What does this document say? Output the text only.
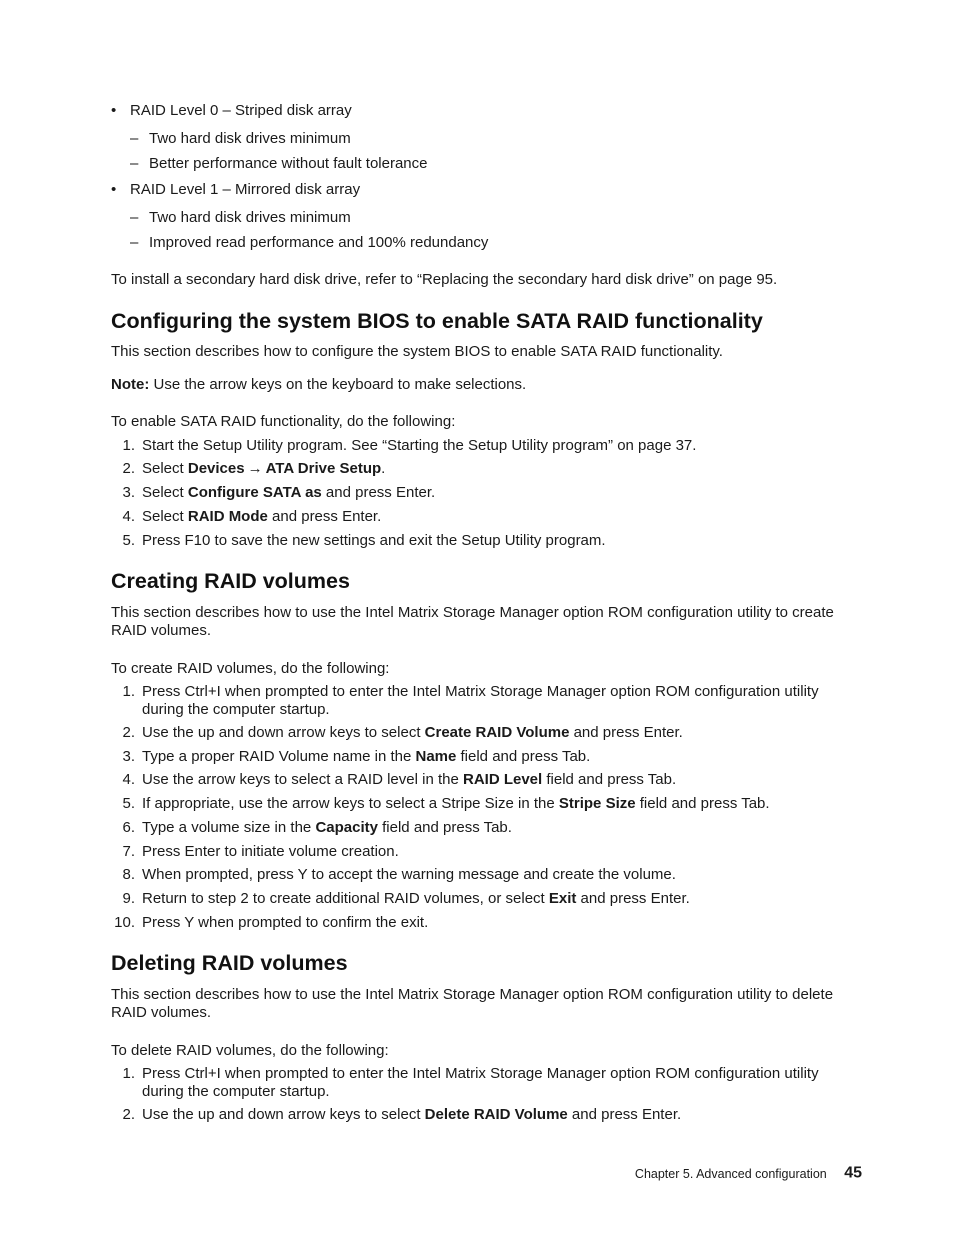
• RAID Level 0 – Striped disk array
– Two hard disk drives minimum
– Better performance without fault tolerance
• RAID Level 1 – Mirrored disk array
– Two hard disk drives minimum
– Improved read performance and 100% redundancy
To install a secondary hard disk drive, refer to “Replacing the secondary hard disk drive” on page 95.
Configuring the system BIOS to enable SATA RAID functionality
This section describes how to configure the system BIOS to enable SATA RAID functionality.
Note: Use the arrow keys on the keyboard to make selections.
To enable SATA RAID functionality, do the following:
1. Start the Setup Utility program. See “Starting the Setup Utility program” on page 37.
2. Select Devices → ATA Drive Setup.
3. Select Configure SATA as and press Enter.
4. Select RAID Mode and press Enter.
5. Press F10 to save the new settings and exit the Setup Utility program.
Creating RAID volumes
This section describes how to use the Intel Matrix Storage Manager option ROM configuration utility to create RAID volumes.
To create RAID volumes, do the following:
1. Press Ctrl+I when prompted to enter the Intel Matrix Storage Manager option ROM configuration utility during the computer startup.
2. Use the up and down arrow keys to select Create RAID Volume and press Enter.
3. Type a proper RAID Volume name in the Name field and press Tab.
4. Use the arrow keys to select a RAID level in the RAID Level field and press Tab.
5. If appropriate, use the arrow keys to select a Stripe Size in the Stripe Size field and press Tab.
6. Type a volume size in the Capacity field and press Tab.
7. Press Enter to initiate volume creation.
8. When prompted, press Y to accept the warning message and create the volume.
9. Return to step 2 to create additional RAID volumes, or select Exit and press Enter.
10. Press Y when prompted to confirm the exit.
Deleting RAID volumes
This section describes how to use the Intel Matrix Storage Manager option ROM configuration utility to delete RAID volumes.
To delete RAID volumes, do the following:
1. Press Ctrl+I when prompted to enter the Intel Matrix Storage Manager option ROM configuration utility during the computer startup.
2. Use the up and down arrow keys to select Delete RAID Volume and press Enter.
Chapter 5. Advanced configuration 45
